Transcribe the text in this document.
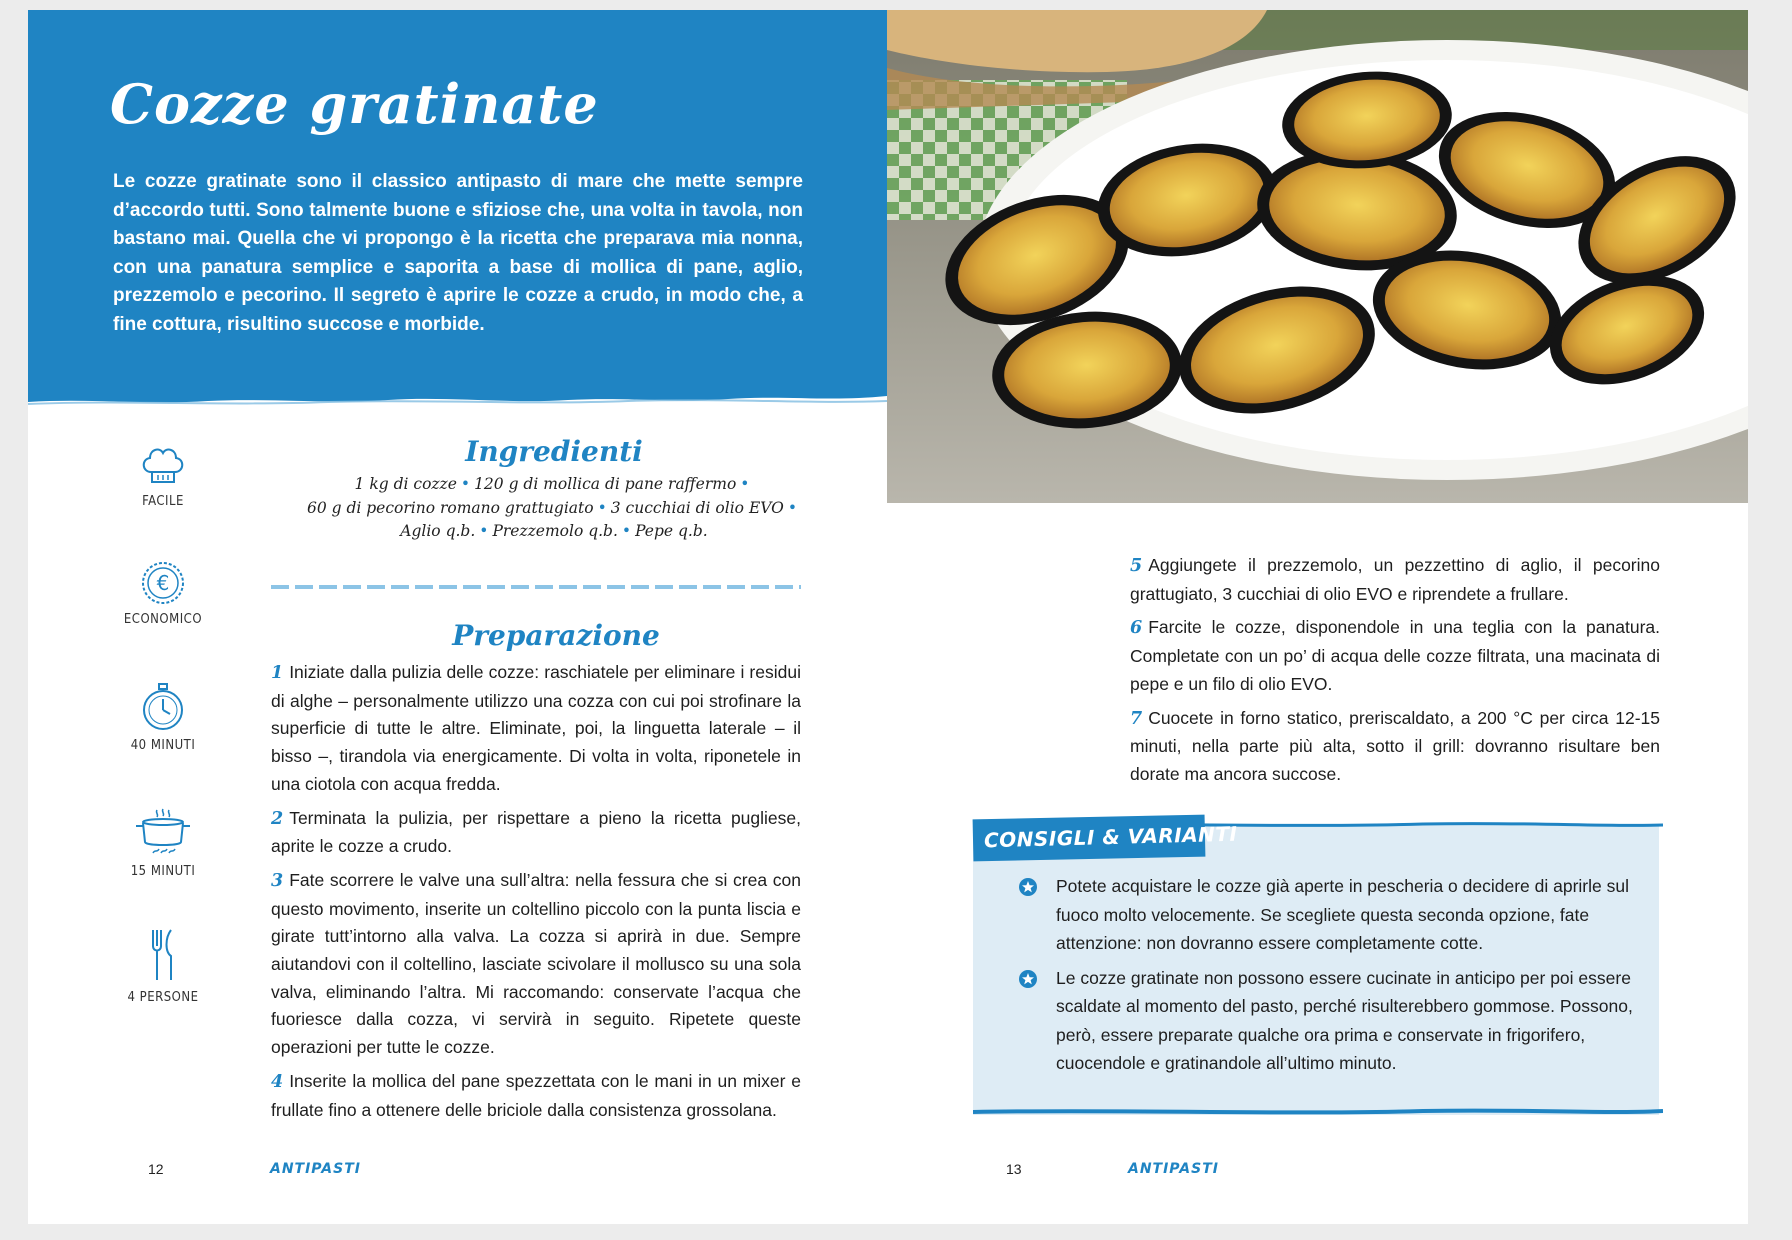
Cozze gratinate

Le cozze gratinate sono il classico antipasto di mare che mette sempre d’accordo tutti. Sono talmente buone e sfiziose che, una volta in tavola, non bastano mai. Quella che vi propongo è la ricetta che preparava mia nonna, con una panatura semplice e saporita a base di mollica di pane, aglio, prezzemolo e pecorino. Il segreto è aprire le cozze a crudo, in modo che, a fine cottura, risultino succose e morbide.

FACILE
€
ECONOMICO
40 MINUTI
15 MINUTI
4 PERSONE
Ingredienti
1 kg di cozze • 120 g di mollica di pane raffermo •
60 g di pecorino romano grattugiato • 3 cucchiai di olio EVO •
Aglio q.b. • Prezzemolo q.b. • Pepe q.b.
Preparazione

1 Iniziate dalla pulizia delle cozze: raschiatele per eliminare i residui di alghe – personalmente utilizzo una cozza con cui poi strofinare la superficie di tutte le altre. Eliminate, poi, la linguetta laterale – il bisso –, tirandola via energicamente. Di volta in volta, riponetele in una ciotola con acqua fredda.

2 Terminata la pulizia, per rispettare a pieno la ricetta pugliese, aprite le cozze a crudo.

3 Fate scorrere le valve una sull’altra: nella fessura che si crea con questo movimento, inserite un coltellino piccolo con la punta liscia e girate tutt’intorno alla valva. La cozza si aprirà in due. Sempre aiutandovi con il coltellino, lasciate scivolare il mollusco su una sola valva, eliminando l’altra. Mi raccomando: conservate l’acqua che fuoriesce dalla cozza, vi servirà in seguito. Ripetete queste operazioni per tutte le cozze.

4 Inserite la mollica del pane spezzettata con le mani in un mixer e frullate fino a ottenere delle briciole dalla consistenza grossolana.

12	ANTIPASTI

5 Aggiungete il prezzemolo, un pezzettino di aglio, il pecorino grattugiato, 3 cucchiai di olio EVO e riprendete a frullare.

6 Farcite le cozze, disponendole in una teglia con la panatura. Completate con un po’ di acqua delle cozze filtrata, una macinata di pepe e un filo di olio EVO.

7 Cuocete in forno statico, preriscaldato, a 200 °C per circa 12-15 minuti, nella parte più alta, sotto il grill: dovranno risultare ben dorate ma ancora succose.

CONSIGLI & VARIANTI
Potete acquistare le cozze già aperte in pescheria o decidere di aprirle sul fuoco molto velocemente. Se scegliete questa seconda opzione, fate attenzione: non dovranno essere completamente cotte.
Le cozze gratinate non possono essere cucinate in anticipo per poi essere scaldate al momento del pasto, perché risulterebbero gommose. Possono, però, essere preparate qualche ora prima e conservate in frigorifero, cuocendole e gratinandole all’ultimo minuto.
13	ANTIPASTI
